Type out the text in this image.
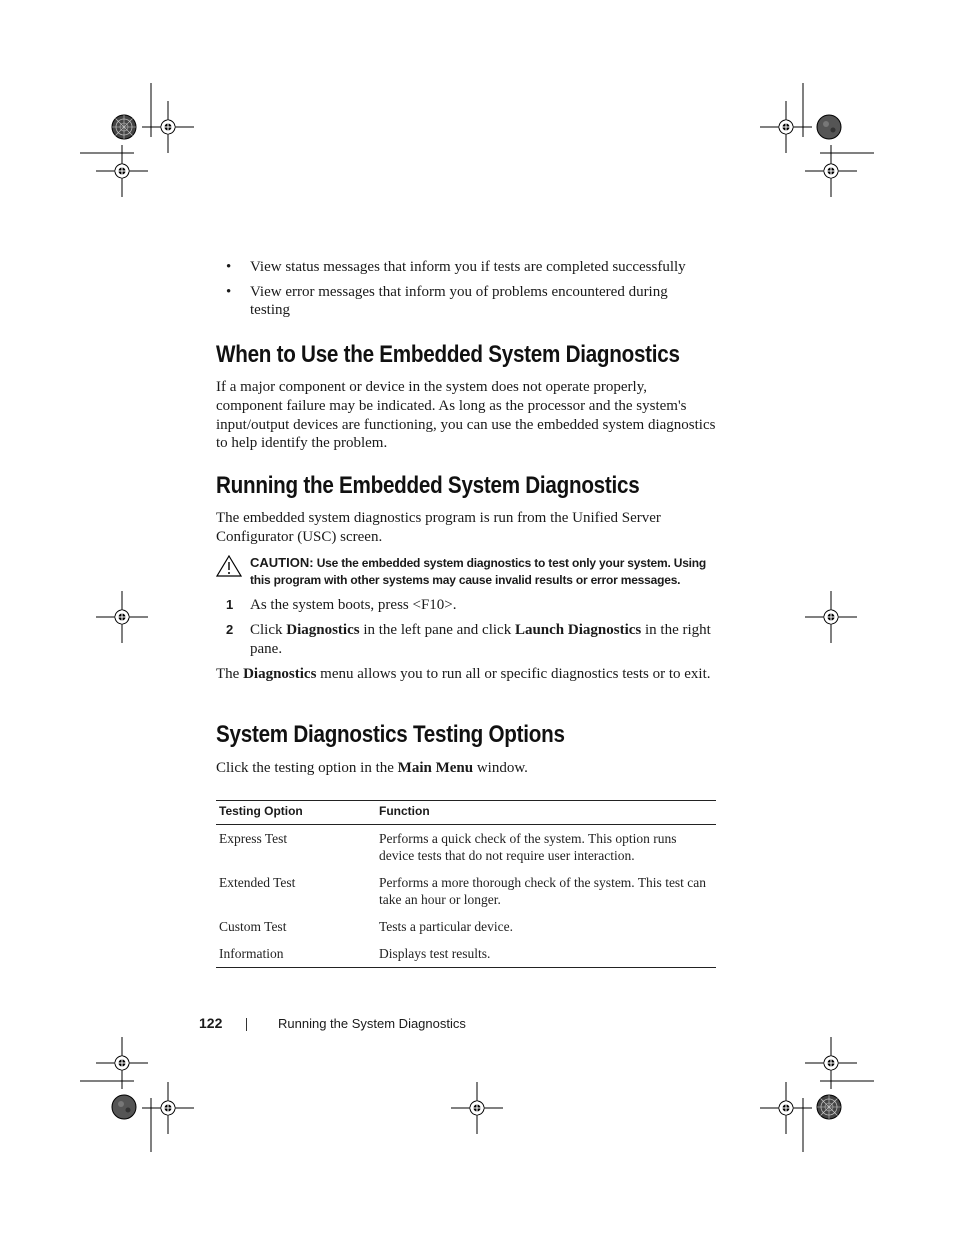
• View status messages that inform you if tests are completed successfully
• View error messages that inform you of problems encountered during testing
When to Use the Embedded System Diagnostics

If a major component or device in the system does not operate properly, component failure may be indicated. As long as the processor and the system's input/output devices are functioning, you can use the embedded system diagnostics to help identify the problem.

Running the Embedded System Diagnostics

The embedded system diagnostics program is run from the Unified Server Configurator (USC) screen.

CAUTION: Use the embedded system diagnostics to test only your system. Using this program with other systems may cause invalid results or error messages.
1 As the system boots, press <F10>.
2 Click Diagnostics in the left pane and click Launch Diagnostics in the right pane.

The Diagnostics menu allows you to run all or specific diagnostics tests or to exit.

System Diagnostics Testing Options

Click the testing option in the Main Menu window.

Testing Option	Function
Express Test	Performs a quick check of the system. This option runs device tests that do not require user interaction.
Extended Test	Performs a more thorough check of the system. This test can take an hour or longer.
Custom Test	Tests a particular device.
Information	Displays test results.
122	Running the System Diagnostics
